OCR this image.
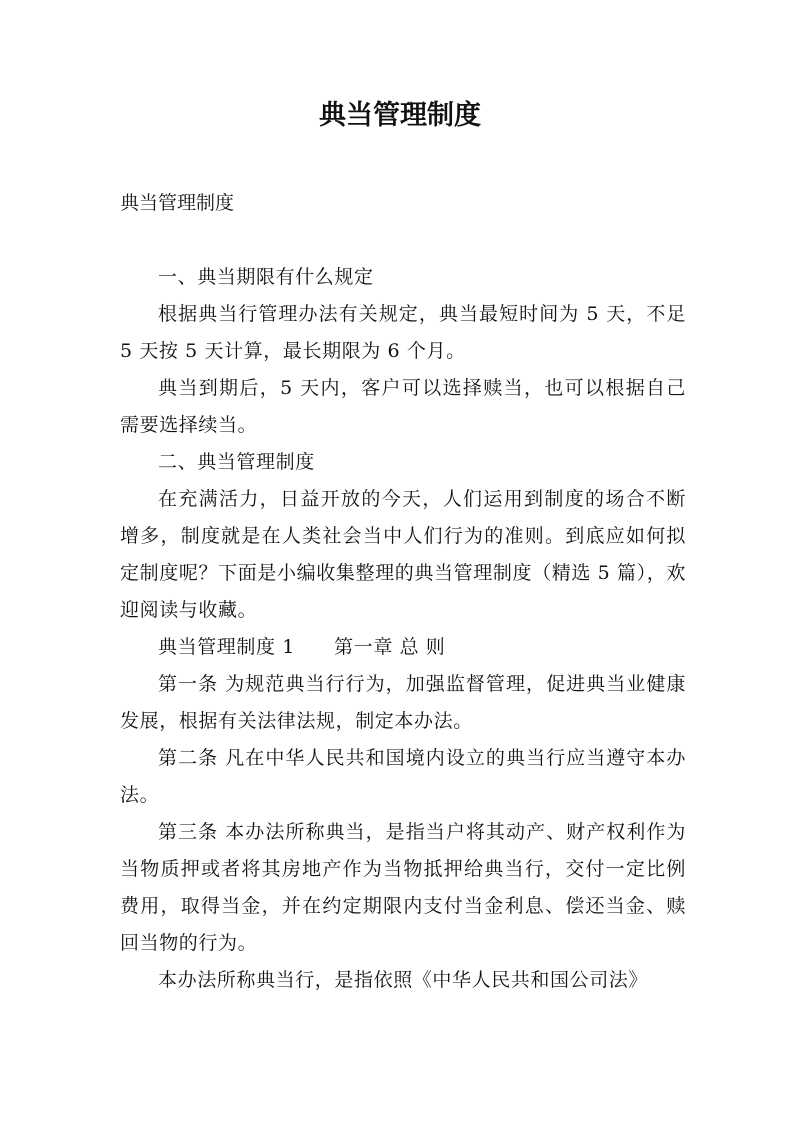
典当管理制度
典当管理制度

一、典当期限有什么规定

根据典当行管理办法有关规定，典当最短时间为 5 天，不足 5 天按 5 天计算，最长期限为 6 个月。

典当到期后，5 天内，客户可以选择赎当，也可以根据自己需要选择续当。

二、典当管理制度

在充满活力，日益开放的今天，人们运用到制度的场合不断增多，制度就是在人类社会当中人们行为的准则。到底应如何拟定制度呢？下面是小编收集整理的典当管理制度（精选 5 篇），欢迎阅读与收藏。

典当管理制度 1　　第一章 总 则

第一条 为规范典当行行为，加强监督管理，促进典当业健康发展，根据有关法律法规，制定本办法。

第二条 凡在中华人民共和国境内设立的典当行应当遵守本办法。

第三条 本办法所称典当，是指当户将其动产、财产权利作为当物质押或者将其房地产作为当物抵押给典当行，交付一定比例费用，取得当金，并在约定期限内支付当金利息、偿还当金、赎回当物的行为。

本办法所称典当行，是指依照《中华人民共和国公司法》
